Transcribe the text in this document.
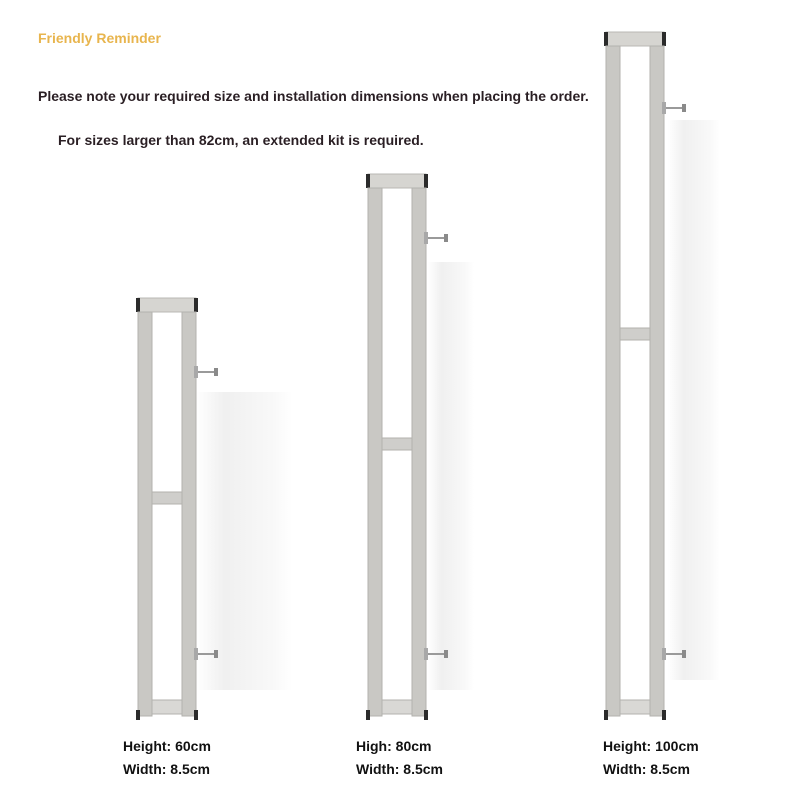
Friendly Reminder
Please note your required size and installation dimensions when placing the order.
For sizes larger than 82cm, an extended kit is required.
Height: 60cm
Width: 8.5cm
High: 80cm
Width: 8.5cm
Height: 100cm
Width: 8.5cm
